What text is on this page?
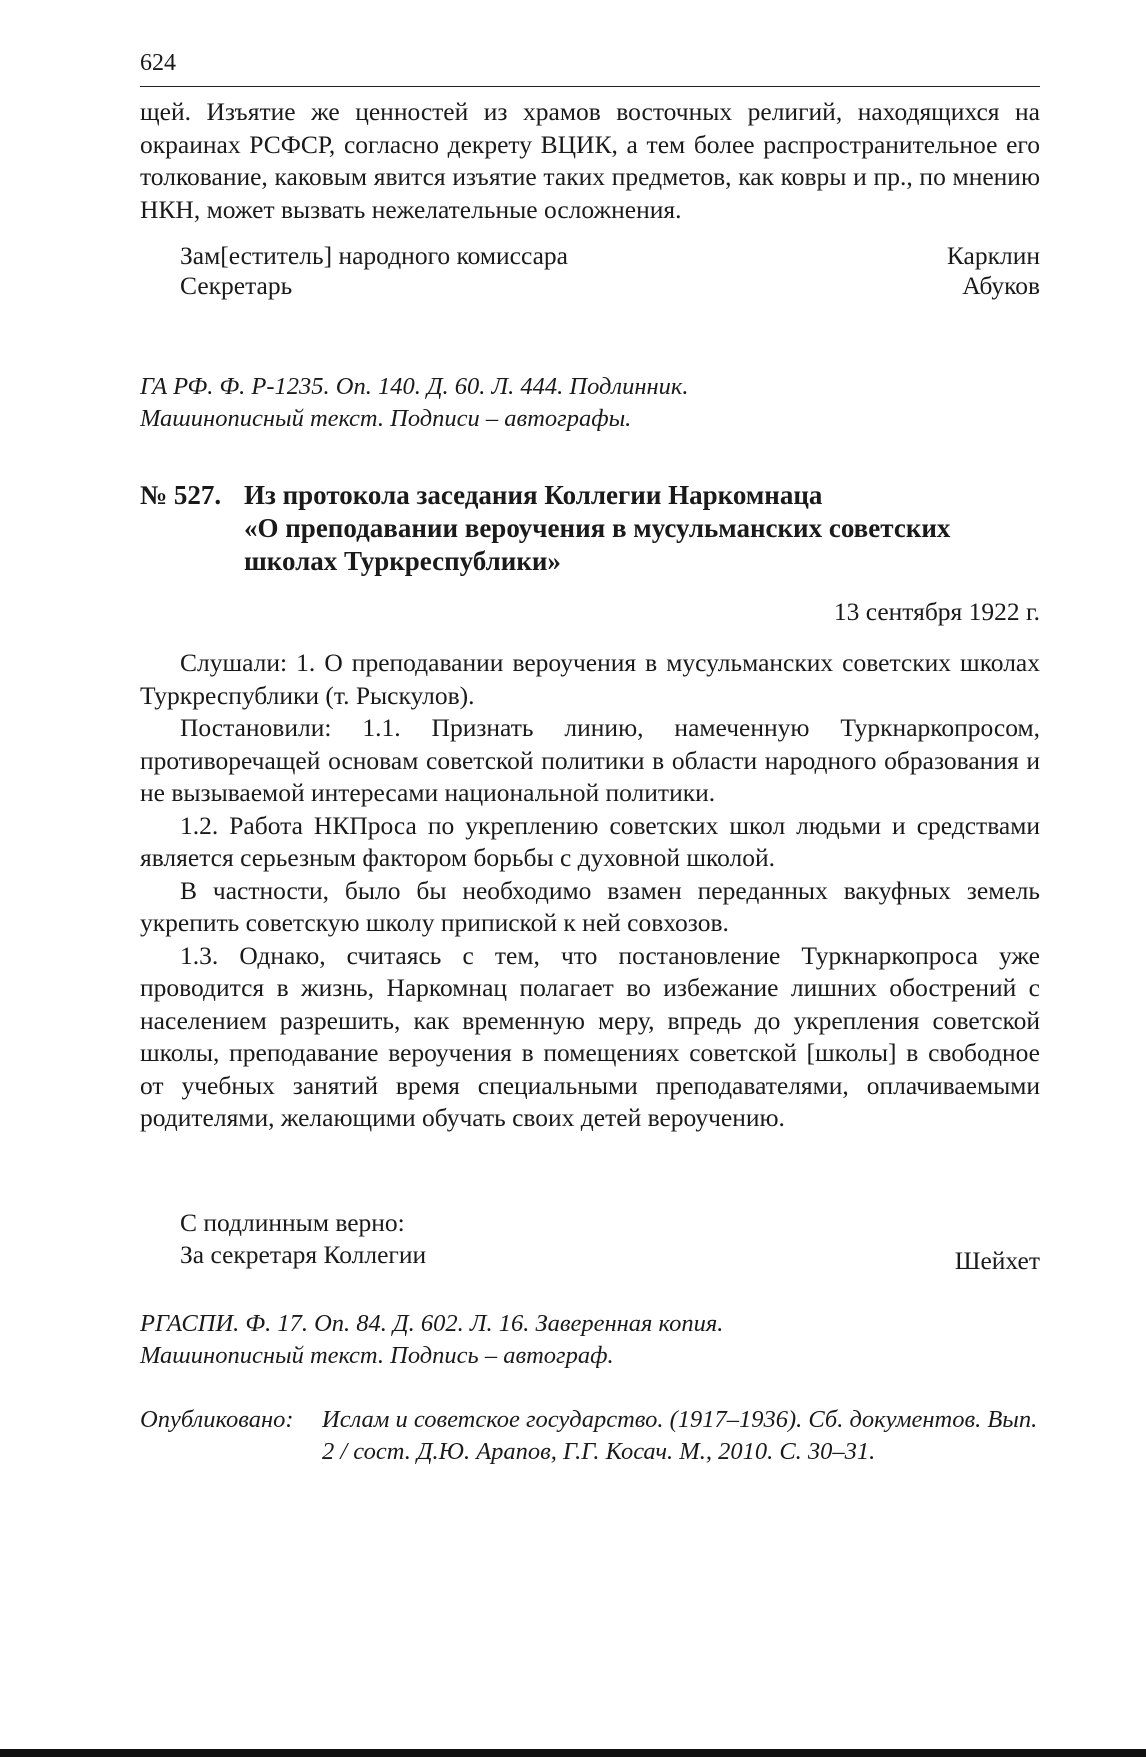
624

щей. Изъятие же ценностей из храмов восточных религий, находящихся на окраинах РСФСР, согласно декрету ВЦИК, а тем более распространительное его толкование, каковым явится изъятие таких предметов, как ковры и пр., по мнению НКН, может вызвать нежелательные осложнения.

Зам[еститель] народного комиссара	Карклин
Секретарь	Абуков
ГА РФ. Ф. Р-1235. Оп. 140. Д. 60. Л. 444. Подлинник.
Машинописный текст. Подписи – автографы.
№ 527. Из протокола заседания Коллегии Наркомнаца
«О преподавании вероучения в мусульманских советских
школах Туркреспублики»
13 сентября 1922 г.

Слушали: 1. О преподавании вероучения в мусульманских советских школах Туркреспублики (т. Рыскулов).

Постановили: 1.1. Признать линию, намеченную Туркнаркопросом, противоречащей основам советской политики в области народного образования и не вызываемой интересами национальной политики.

1.2. Работа НКПроса по укреплению советских школ людьми и средствами является серьезным фактором борьбы с духовной школой.

В частности, было бы необходимо взамен переданных вакуфных земель укрепить советскую школу припиской к ней совхозов.

1.3. Однако, считаясь с тем, что постановление Туркнаркопроса уже проводится в жизнь, Наркомнац полагает во избежание лишних обострений с населением разрешить, как временную меру, впредь до укрепления советской школы, преподавание вероучения в помещениях советской [школы] в свободное от учебных занятий время специальными преподавателями, оплачиваемыми родителями, желающими обучать своих детей вероучению.

С подлинным верно:
За секретаря Коллегии	Шейхет
РГАСПИ. Ф. 17. Оп. 84. Д. 602. Л. 16. Заверенная копия.
Машинописный текст. Подпись – автограф.
Опубликовано: Ислам и советское государство. (1917–1936). Сб. документов. Вып. 2 / сост. Д.Ю. Арапов, Г.Г. Косач. М., 2010. С. 30–31.
